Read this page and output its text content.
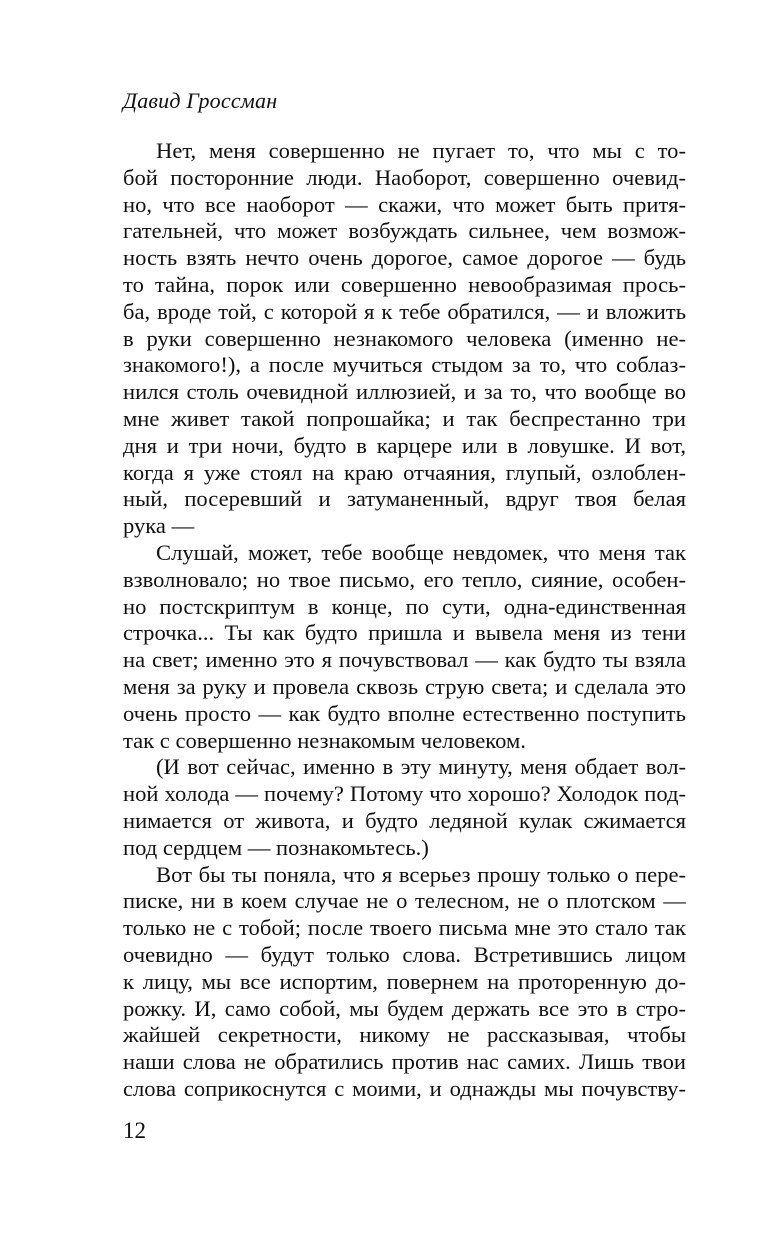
Давид Гроссман
Нет, меня совершенно не пугает то, что мы с то-
бой посторонние люди. Наоборот, совершенно очевид-
но, что все наоборот — скажи, что может быть притя-
гательней, что может возбуждать сильнее, чем возмож-
ность взять нечто очень дорогое, самое дорогое — будь
то тайна, порок или совершенно невообразимая прось-
ба, вроде той, с которой я к тебе обратился, — и вложить
в руки совершенно незнакомого человека (именно не-
знакомого!), а после мучиться стыдом за то, что соблаз-
нился столь очевидной иллюзией, и за то, что вообще во
мне живет такой попрошайка; и так беспрестанно три
дня и три ночи, будто в карцере или в ловушке. И вот,
когда я уже стоял на краю отчаяния, глупый, озлоблен-
ный, посеревший и затуманенный, вдруг твоя белая
рука —
Слушай, может, тебе вообще невдомек, что меня так
взволновало; но твое письмо, его тепло, сияние, особен-
но постскриптум в конце, по сути, одна-единственная
строчка... Ты как будто пришла и вывела меня из тени
на свет; именно это я почувствовал — как будто ты взяла
меня за руку и провела сквозь струю света; и сделала это
очень просто — как будто вполне естественно поступить
так с совершенно незнакомым человеком.
(И вот сейчас, именно в эту минуту, меня обдает вол-
ной холода — почему? Потому что хорошо? Холодок под-
нимается от живота, и будто ледяной кулак сжимается
под сердцем — познакомьтесь.)
Вот бы ты поняла, что я всерьез прошу только о пере-
писке, ни в коем случае не о телесном, не о плотском —
только не с тобой; после твоего письма мне это стало так
очевидно — будут только слова. Встретившись лицом
к лицу, мы все испортим, повернем на проторенную до-
рожку. И, само собой, мы будем держать все это в стро-
жайшей секретности, никому не рассказывая, чтобы
наши слова не обратились против нас самих. Лишь твои
слова соприкоснутся с моими, и однажды мы почувству-
12
